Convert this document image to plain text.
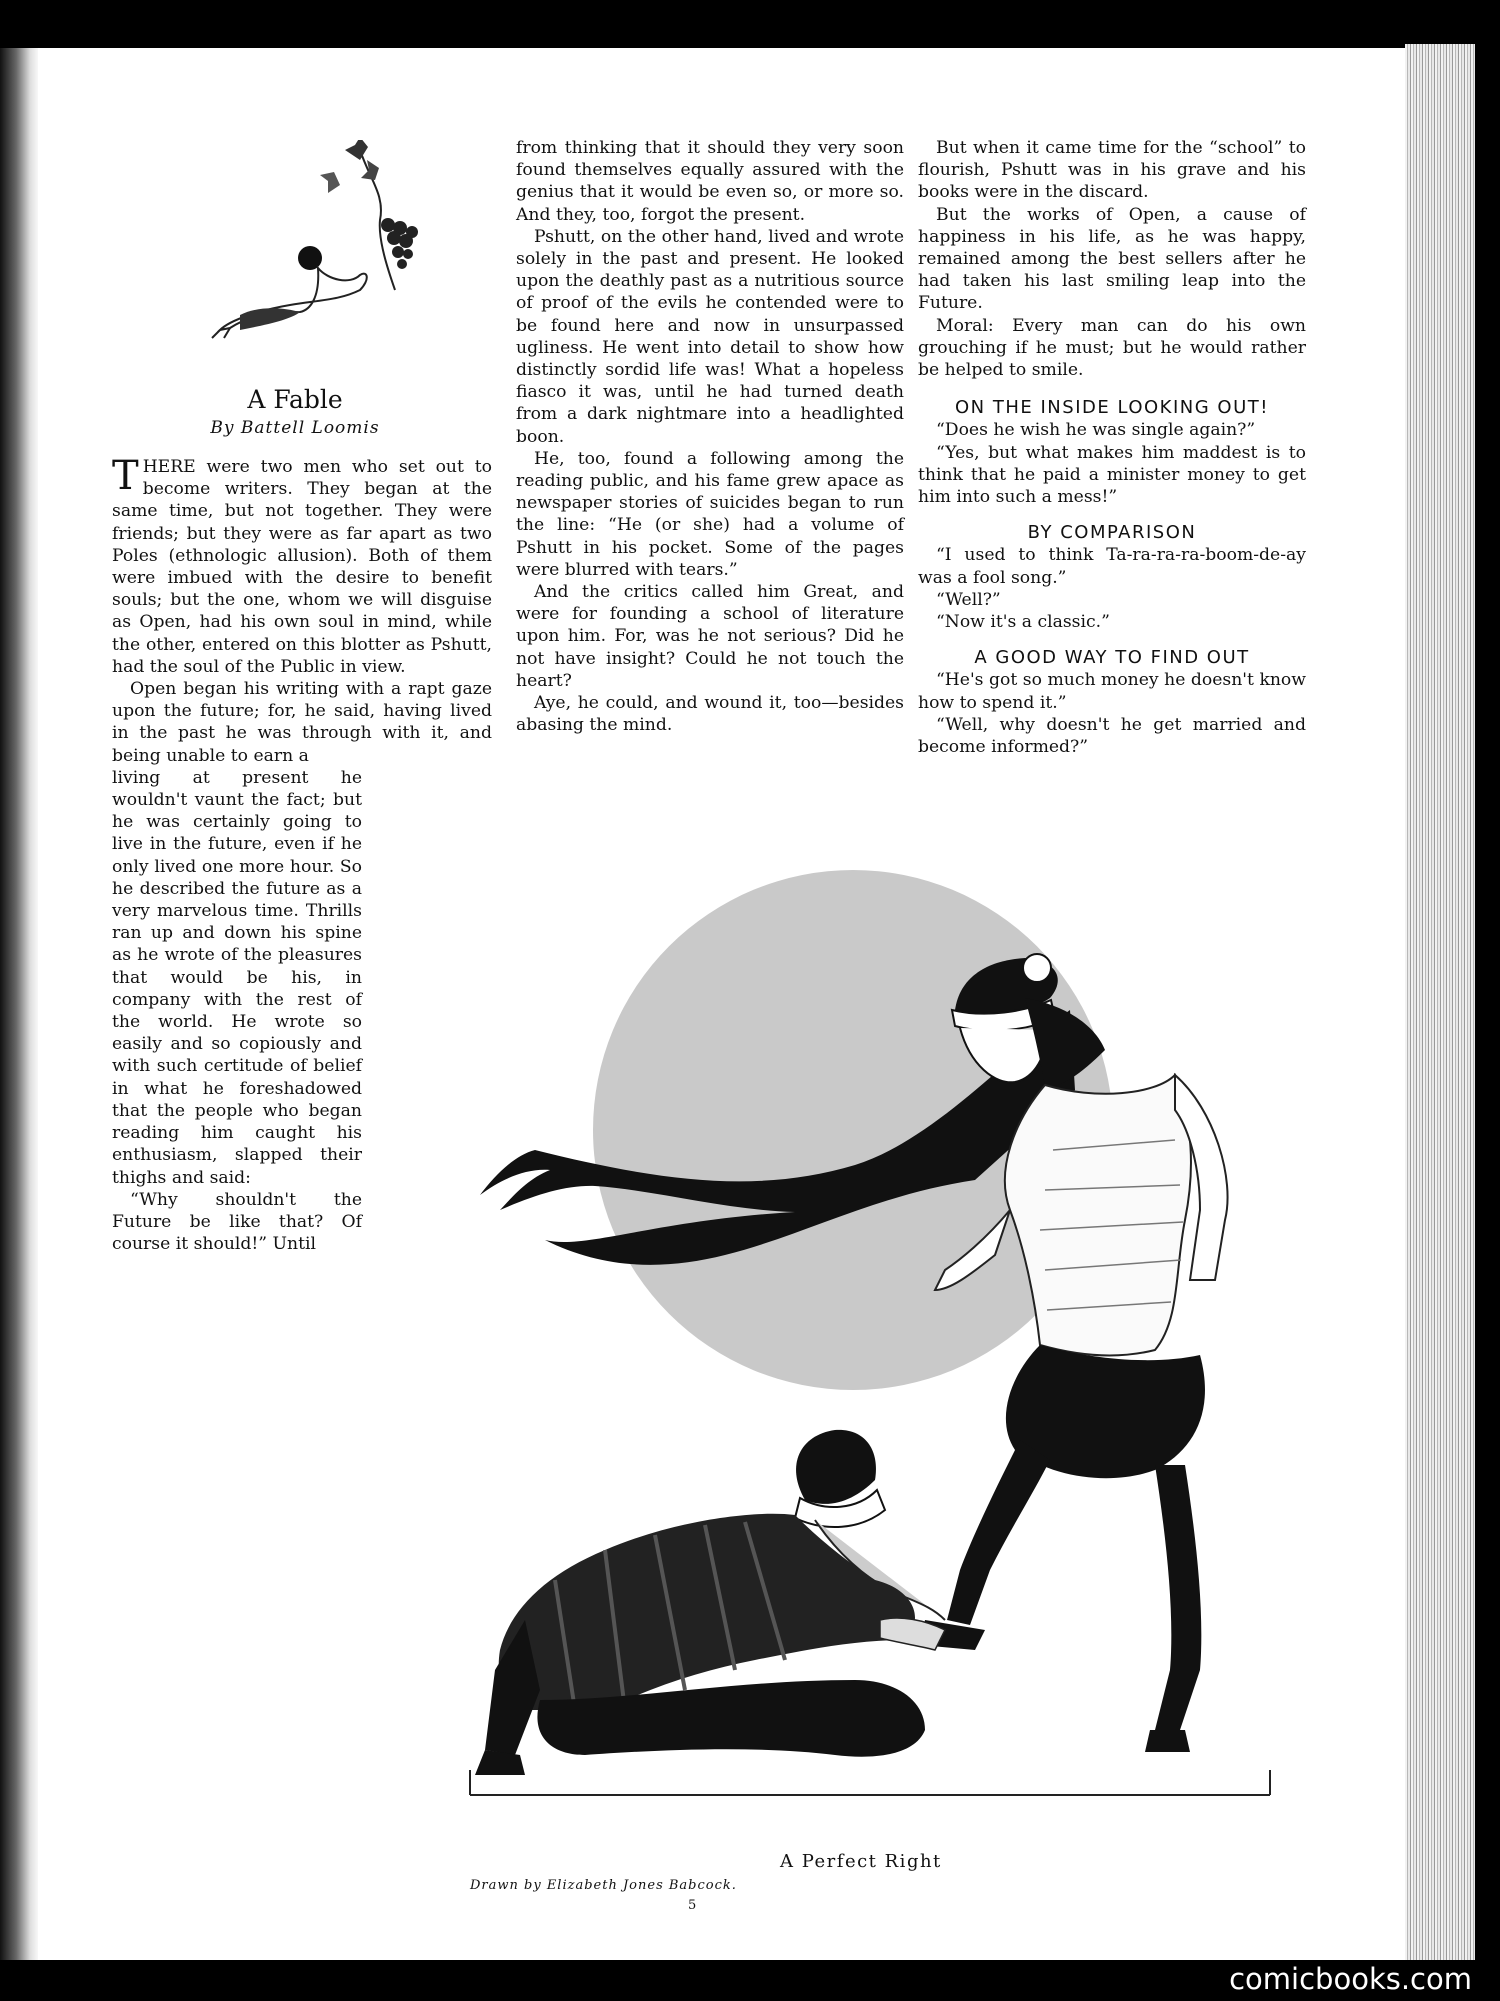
A Fable
By Battell Loomis

THERE were two men who set out to become writers. They began at the same time, but not together. They were friends; but they were as far apart as two Poles (ethnologic allusion). Both of them were imbued with the desire to benefit souls; but the one, whom we will disguise as Open, had his own soul in mind, while the other, entered on this blotter as Pshutt, had the soul of the Public in view.

Open began his writing with a rapt gaze upon the future; for, he said, having lived in the past he was through with it, and being unable to earn a

living at present he wouldn't vaunt the fact; but he was certainly going to live in the future, even if he only lived one more hour. So he described the future as a very marvelous time. Thrills ran up and down his spine as he wrote of the pleasures that would be his, in company with the rest of the world. He wrote so easily and so copiously and with such certitude of belief in what he foreshadowed that the people who began reading him caught his enthusiasm, slapped their thighs and said:

“Why shouldn't the Future be like that? Of course it should!” Until

from thinking that it should they very soon found themselves equally assured with the genius that it would be even so, or more so. And they, too, forgot the present.

Pshutt, on the other hand, lived and wrote solely in the past and present. He looked upon the deathly past as a nutritious source of proof of the evils he contended were to be found here and now in unsurpassed ugliness. He went into detail to show how distinctly sordid life was! What a hopeless fiasco it was, until he had turned death from a dark nightmare into a headlighted boon.

He, too, found a following among the reading public, and his fame grew apace as newspaper stories of suicides began to run the line: “He (or she) had a volume of Pshutt in his pocket. Some of the pages were blurred with tears.”

And the critics called him Great, and were for founding a school of literature upon him. For, was he not serious? Did he not have insight? Could he not touch the heart?

Aye, he could, and wound it, too—besides abasing the mind.

But when it came time for the “school” to flourish, Pshutt was in his grave and his books were in the discard.

But the works of Open, a cause of happiness in his life, as he was happy, remained among the best sellers after he had taken his last smiling leap into the Future.

Moral: Every man can do his own grouching if he must; but he would rather be helped to smile.

ON THE INSIDE LOOKING OUT!

“Does he wish he was single again?”

“Yes, but what makes him maddest is to think that he paid a minister money to get him into such a mess!”

BY COMPARISON

“I used to think Ta-ra-ra-ra-boom-de-ay was a fool song.”

“Well?”

“Now it's a classic.”

A GOOD WAY TO FIND OUT

“He's got so much money he doesn't know how to spend it.”

“Well, why doesn't he get married and become informed?”

A Perfect Right
Drawn by Elizabeth Jones Babcock.
5
comicbooks.com
